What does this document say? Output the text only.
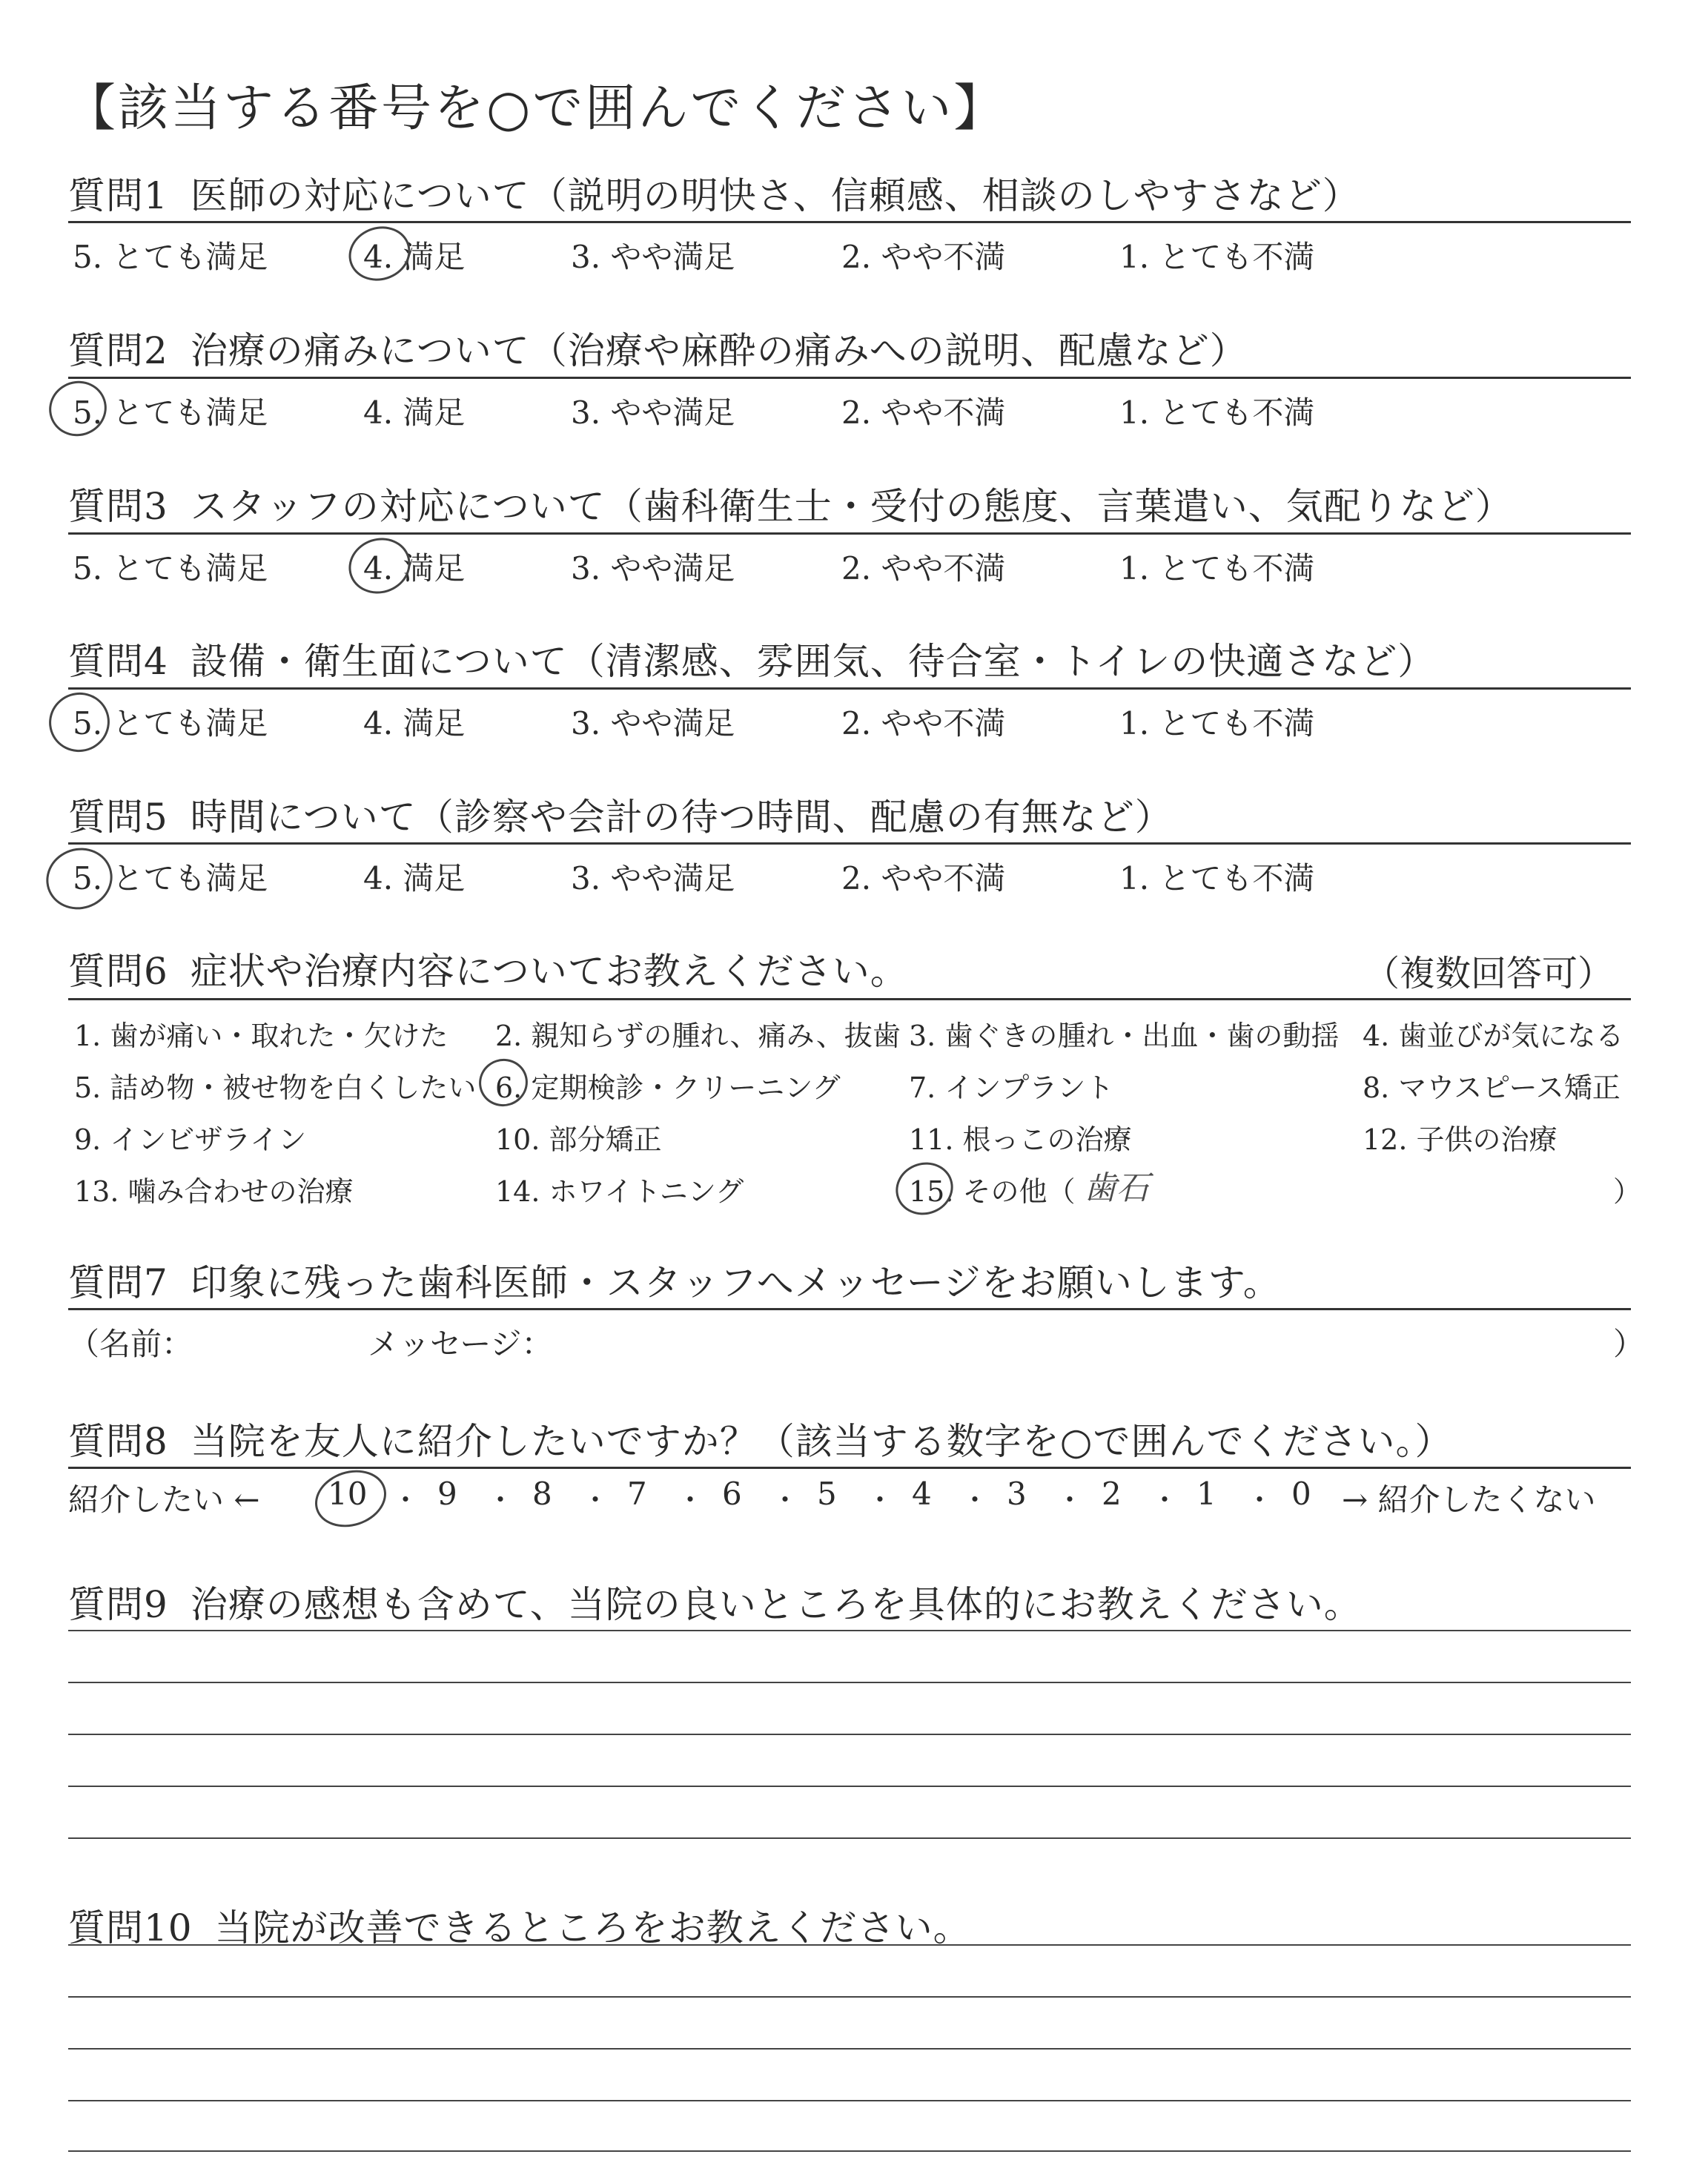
【該当する番号を○で囲んでください】
質問1 医師の対応について（説明の明快さ、信頼感、相談のしやすさなど）
5. とても満足	4. 満足	3. やや満足	2. やや不満	1. とても不満
質問2 治療の痛みについて（治療や麻酔の痛みへの説明、配慮など）
5. とても満足	4. 満足	3. やや満足	2. やや不満	1. とても不満
質問3 スタッフの対応について（歯科衛生士・受付の態度、言葉遣い、気配りなど）
5. とても満足	4. 満足	3. やや満足	2. やや不満	1. とても不満
質問4 設備・衛生面について（清潔感、雰囲気、待合室・トイレの快適さなど）
5. とても満足	4. 満足	3. やや満足	2. やや不満	1. とても不満
質問5 時間について（診察や会計の待つ時間、配慮の有無など）
5. とても満足	4. 満足	3. やや満足	2. やや不満	1. とても不満
質問6 症状や治療内容についてお教えください。	（複数回答可）
1. 歯が痛い・取れた・欠けた 2. 親知らずの腫れ、痛み、抜歯 3. 歯ぐきの腫れ・出血・歯の動揺 4. 歯並びが気になる
5. 詰め物・被せ物を白くしたい 6. 定期検診・クリーニング 7. インプラント	8. マウスピース矯正
9. インビザライン	10. 部分矯正	11. 根っこの治療	12. 子供の治療
13. 噛み合わせの治療	14. ホワイトニング	15. その他（ 歯石	）
質問7 印象に残った歯科医師・スタッフへメッセージをお願いします。
（名前：	メッセージ：	）
質問8 当院を友人に紹介したいですか？（該当する数字を○で囲んでください。）
紹介したい ←	→ 紹介したくない
10 ・ 9 ・ 8 ・ 7 ・ 6 ・ 5 ・ 4 ・ 3 ・ 2 ・ 1 ・ 0
質問9 治療の感想も含めて、当院の良いところを具体的にお教えください。
質問10 当院が改善できるところをお教えください。
